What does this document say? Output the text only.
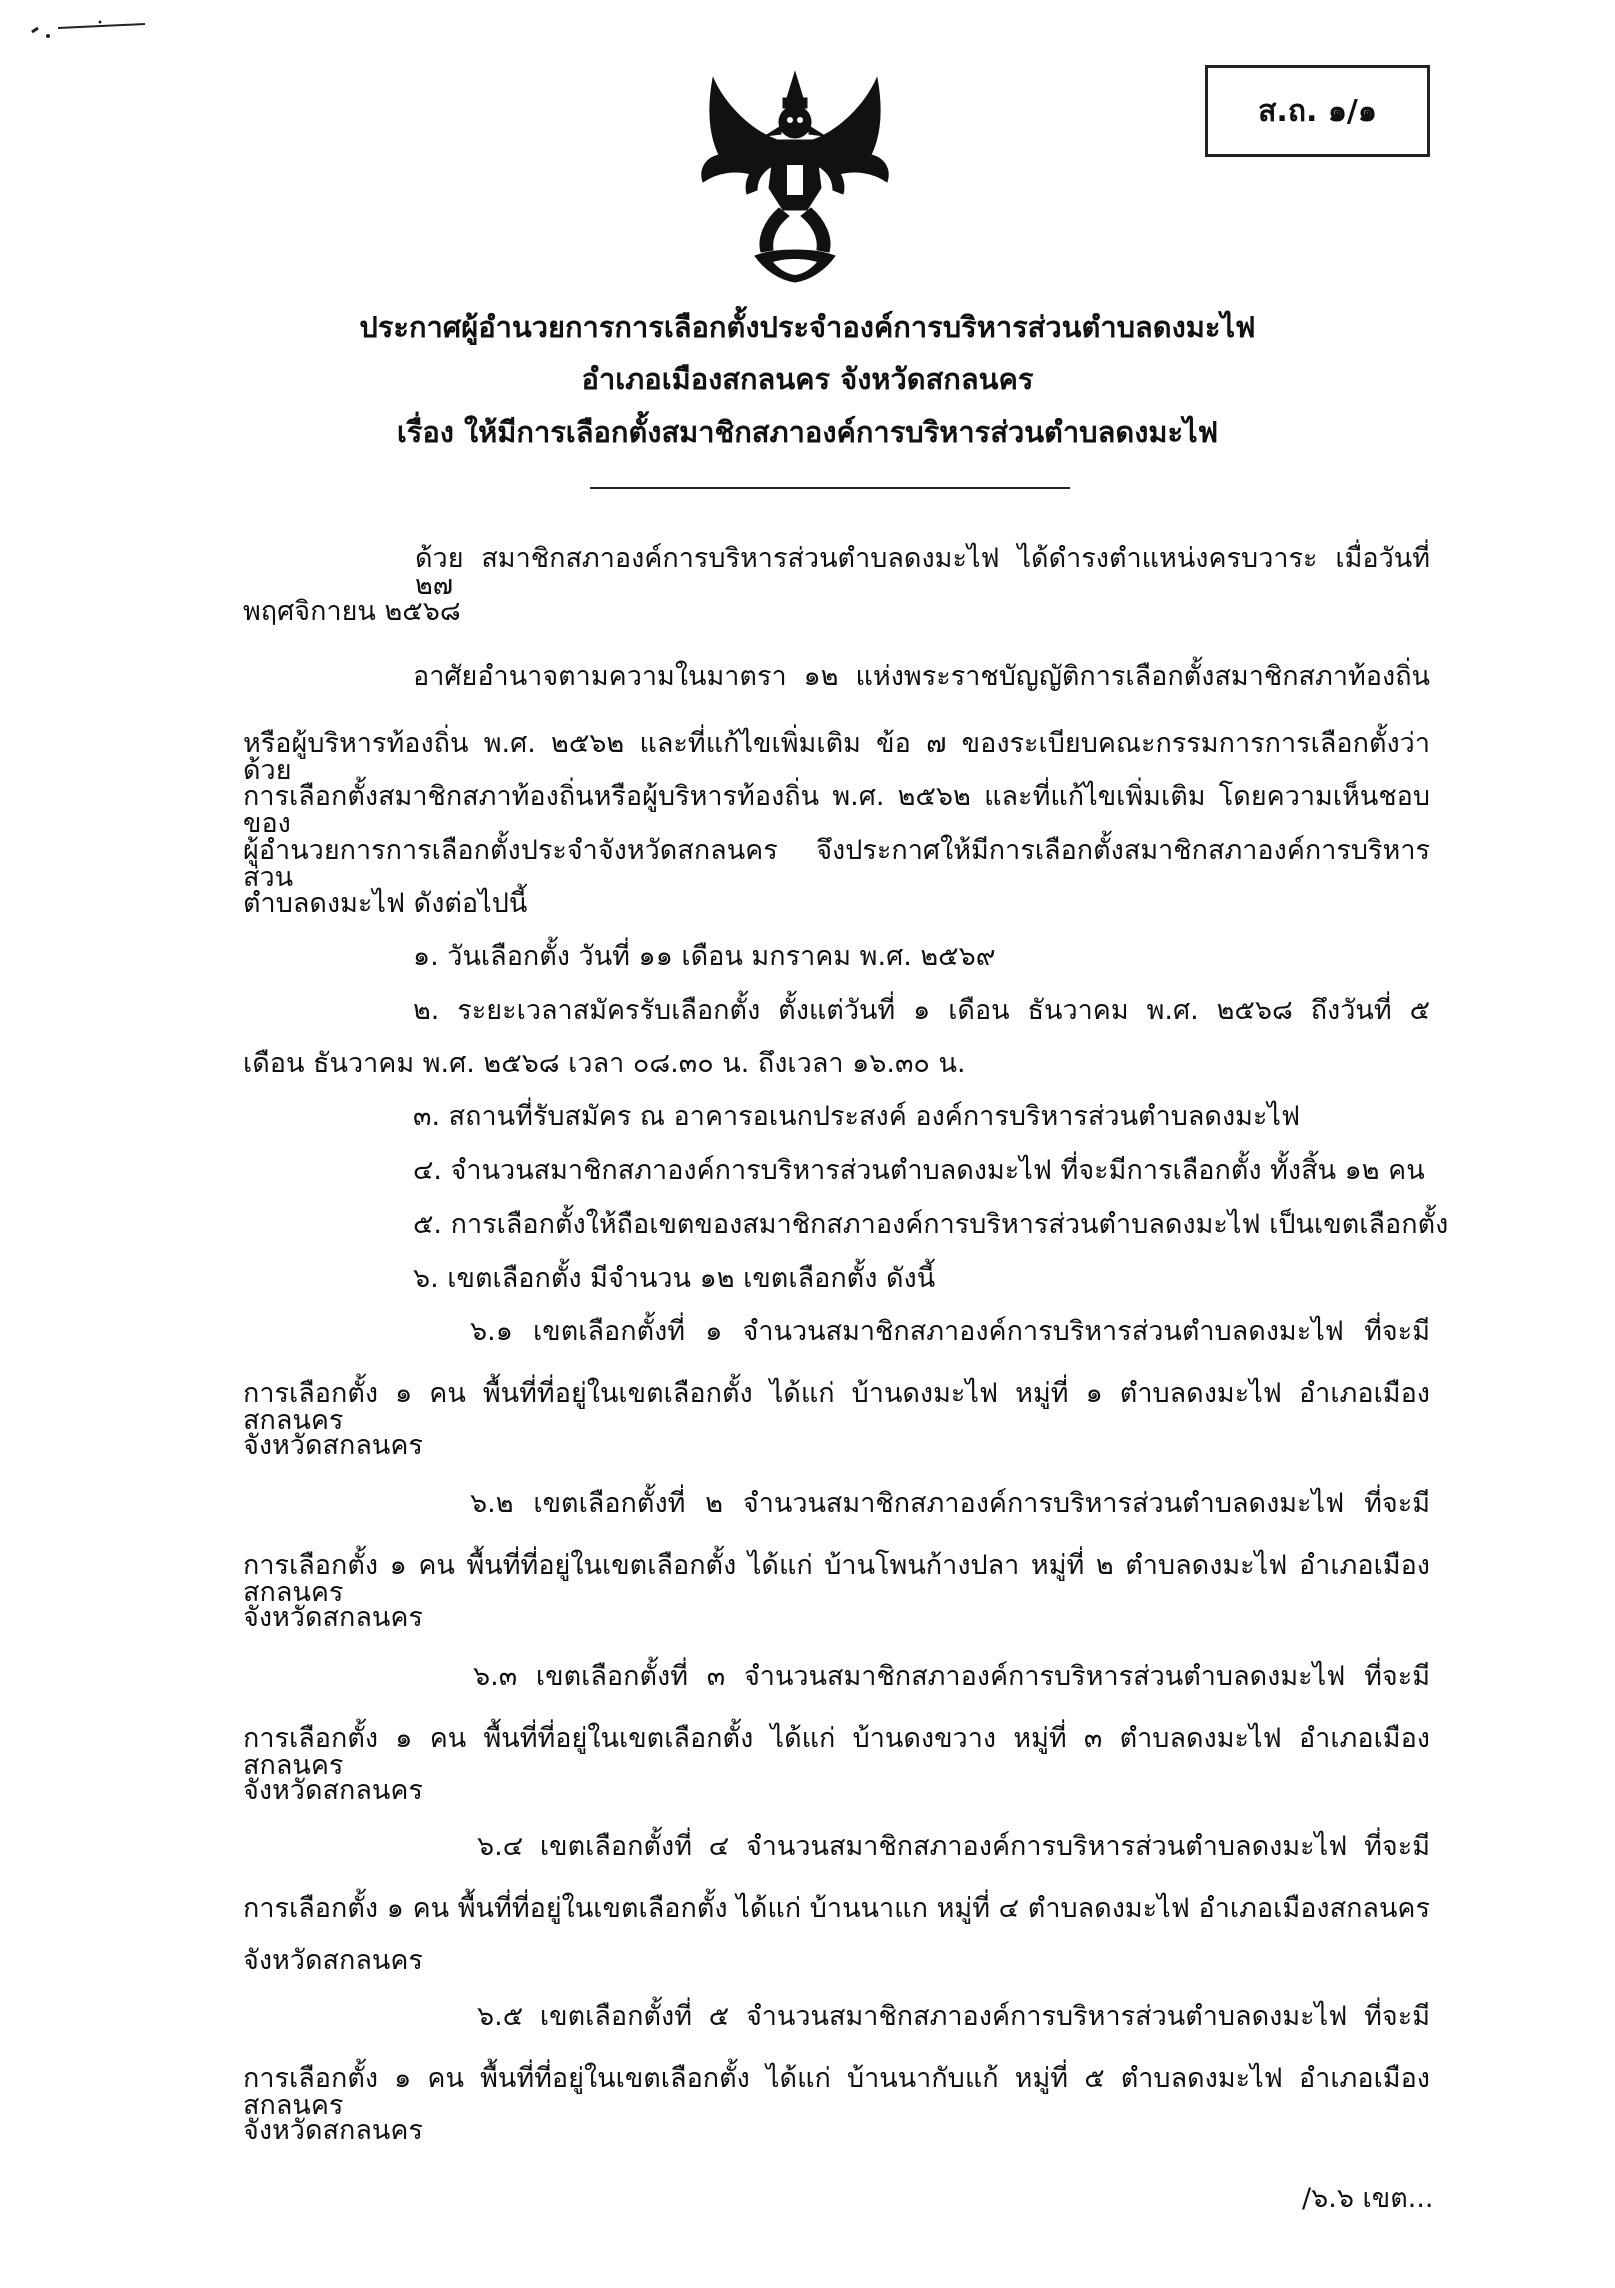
ส.ถ. ๑/๑
ประกาศผู้อำนวยการการเลือกตั้งประจำองค์การบริหารส่วนตำบลดงมะไฟ
อำเภอเมืองสกลนคร จังหวัดสกลนคร
เรื่อง ให้มีการเลือกตั้งสมาชิกสภาองค์การบริหารส่วนตำบลดงมะไฟ
ด้วย สมาชิกสภาองค์การบริหารส่วนตำบลดงมะไฟ ได้ดำรงตำแหน่งครบวาระ เมื่อวันที่ ๒๗
พฤศจิกายน ๒๕๖๘
อาศัยอำนาจตามความในมาตรา ๑๒ แห่งพระราชบัญญัติการเลือกตั้งสมาชิกสภาท้องถิ่น
หรือผู้บริหารท้องถิ่น พ.ศ. ๒๕๖๒ และที่แก้ไขเพิ่มเติม ข้อ ๗ ของระเบียบคณะกรรมการการเลือกตั้งว่าด้วย
การเลือกตั้งสมาชิกสภาท้องถิ่นหรือผู้บริหารท้องถิ่น พ.ศ. ๒๕๖๒ และที่แก้ไขเพิ่มเติม โดยความเห็นชอบของ
ผู้อำนวยการการเลือกตั้งประจำจังหวัดสกลนคร จึงประกาศให้มีการเลือกตั้งสมาชิกสภาองค์การบริหารส่วน
ตำบลดงมะไฟ ดังต่อไปนี้
๑. วันเลือกตั้ง วันที่ ๑๑ เดือน มกราคม พ.ศ. ๒๕๖๙
๒. ระยะเวลาสมัครรับเลือกตั้ง ตั้งแต่วันที่ ๑ เดือน ธันวาคม พ.ศ. ๒๕๖๘ ถึงวันที่ ๕
เดือน ธันวาคม พ.ศ. ๒๕๖๘ เวลา ๐๘.๓๐ น. ถึงเวลา ๑๖.๓๐ น.
๓. สถานที่รับสมัคร ณ อาคารอเนกประสงค์ องค์การบริหารส่วนตำบลดงมะไฟ
๔. จำนวนสมาชิกสภาองค์การบริหารส่วนตำบลดงมะไฟ ที่จะมีการเลือกตั้ง ทั้งสิ้น ๑๒ คน
๕. การเลือกตั้งให้ถือเขตของสมาชิกสภาองค์การบริหารส่วนตำบลดงมะไฟ เป็นเขตเลือกตั้ง
๖. เขตเลือกตั้ง มีจำนวน ๑๒ เขตเลือกตั้ง ดังนี้
๖.๑ เขตเลือกตั้งที่ ๑ จำนวนสมาชิกสภาองค์การบริหารส่วนตำบลดงมะไฟ ที่จะมี
การเลือกตั้ง ๑ คน พื้นที่ที่อยู่ในเขตเลือกตั้ง ได้แก่ บ้านดงมะไฟ หมู่ที่ ๑ ตำบลดงมะไฟ อำเภอเมืองสกลนคร
จังหวัดสกลนคร
๖.๒ เขตเลือกตั้งที่ ๒ จำนวนสมาชิกสภาองค์การบริหารส่วนตำบลดงมะไฟ ที่จะมี
การเลือกตั้ง ๑ คน พื้นที่ที่อยู่ในเขตเลือกตั้ง ได้แก่ บ้านโพนก้างปลา หมู่ที่ ๒ ตำบลดงมะไฟ อำเภอเมืองสกลนคร
จังหวัดสกลนคร
๖.๓ เขตเลือกตั้งที่ ๓ จำนวนสมาชิกสภาองค์การบริหารส่วนตำบลดงมะไฟ ที่จะมี
การเลือกตั้ง ๑ คน พื้นที่ที่อยู่ในเขตเลือกตั้ง ได้แก่ บ้านดงขวาง หมู่ที่ ๓ ตำบลดงมะไฟ อำเภอเมืองสกลนคร
จังหวัดสกลนคร
๖.๔ เขตเลือกตั้งที่ ๔ จำนวนสมาชิกสภาองค์การบริหารส่วนตำบลดงมะไฟ ที่จะมี
การเลือกตั้ง ๑ คน พื้นที่ที่อยู่ในเขตเลือกตั้ง ได้แก่ บ้านนาแก หมู่ที่ ๔ ตำบลดงมะไฟ อำเภอเมืองสกลนคร
จังหวัดสกลนคร
๖.๕ เขตเลือกตั้งที่ ๕ จำนวนสมาชิกสภาองค์การบริหารส่วนตำบลดงมะไฟ ที่จะมี
การเลือกตั้ง ๑ คน พื้นที่ที่อยู่ในเขตเลือกตั้ง ได้แก่ บ้านนากับแก้ หมู่ที่ ๕ ตำบลดงมะไฟ อำเภอเมืองสกลนคร
จังหวัดสกลนคร
/๖.๖ เขต...
